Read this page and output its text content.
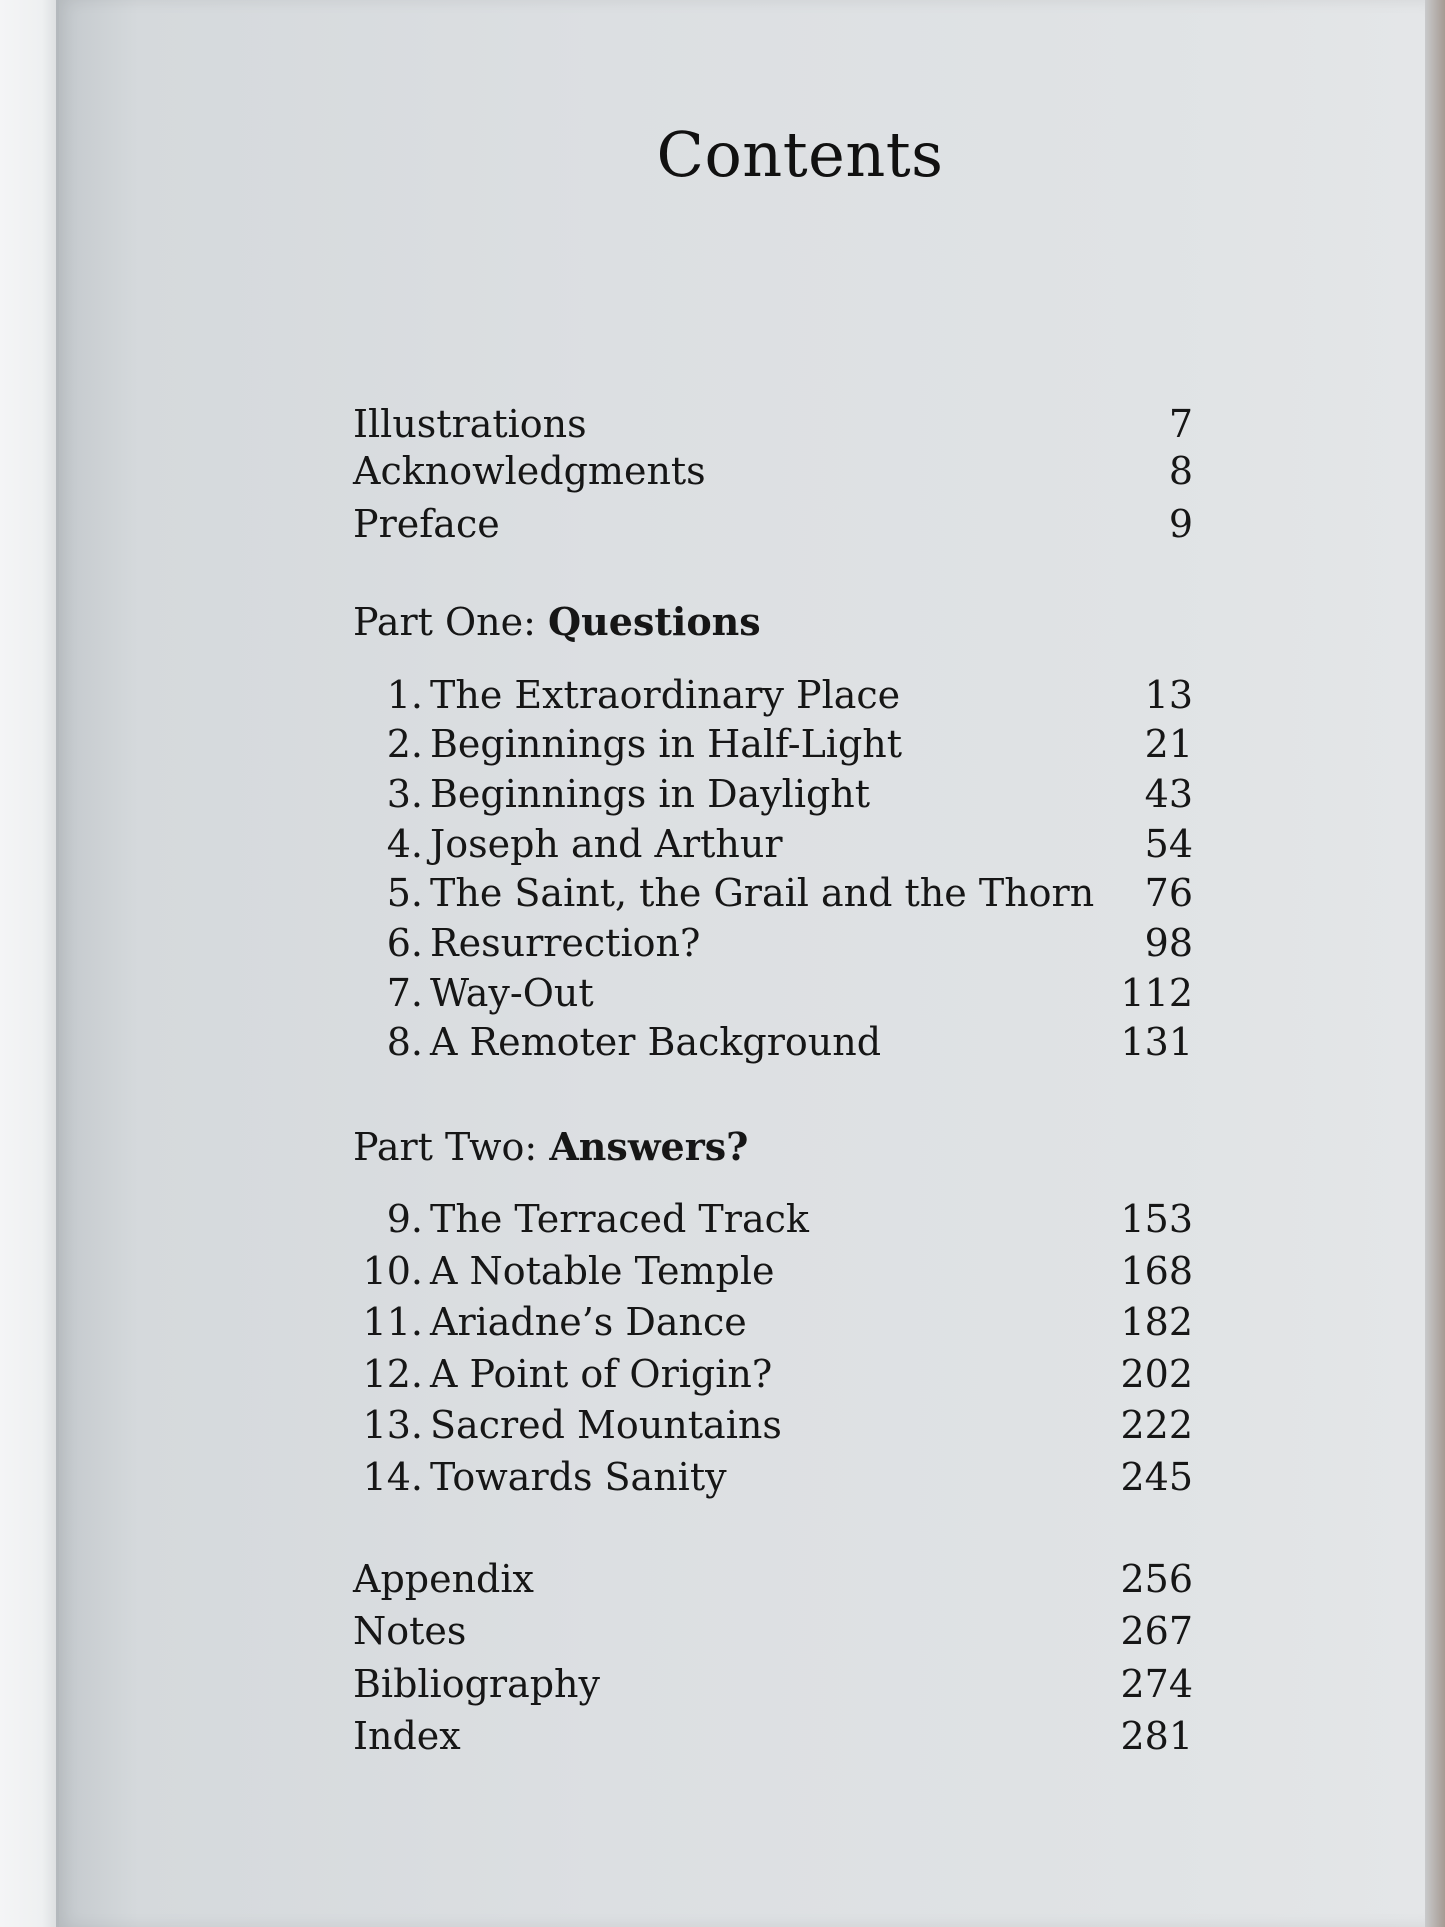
Contents
Illustrations	7
Acknowledgments	8
Preface	9
Part One: Questions
1. The Extraordinary Place	13
2. Beginnings in Half-Light	21
3. Beginnings in Daylight	43
4. Joseph and Arthur	54
5. The Saint, the Grail and the Thorn 76
6. Resurrection?	98
7. Way-Out	112
8. A Remoter Background	131
Part Two: Answers?
9. The Terraced Track	153
10. A Notable Temple	168
11. Ariadne’s Dance	182
12. A Point of Origin?	202
13. Sacred Mountains	222
14. Towards Sanity	245
Appendix	256
Notes	267
Bibliography	274
Index	281
